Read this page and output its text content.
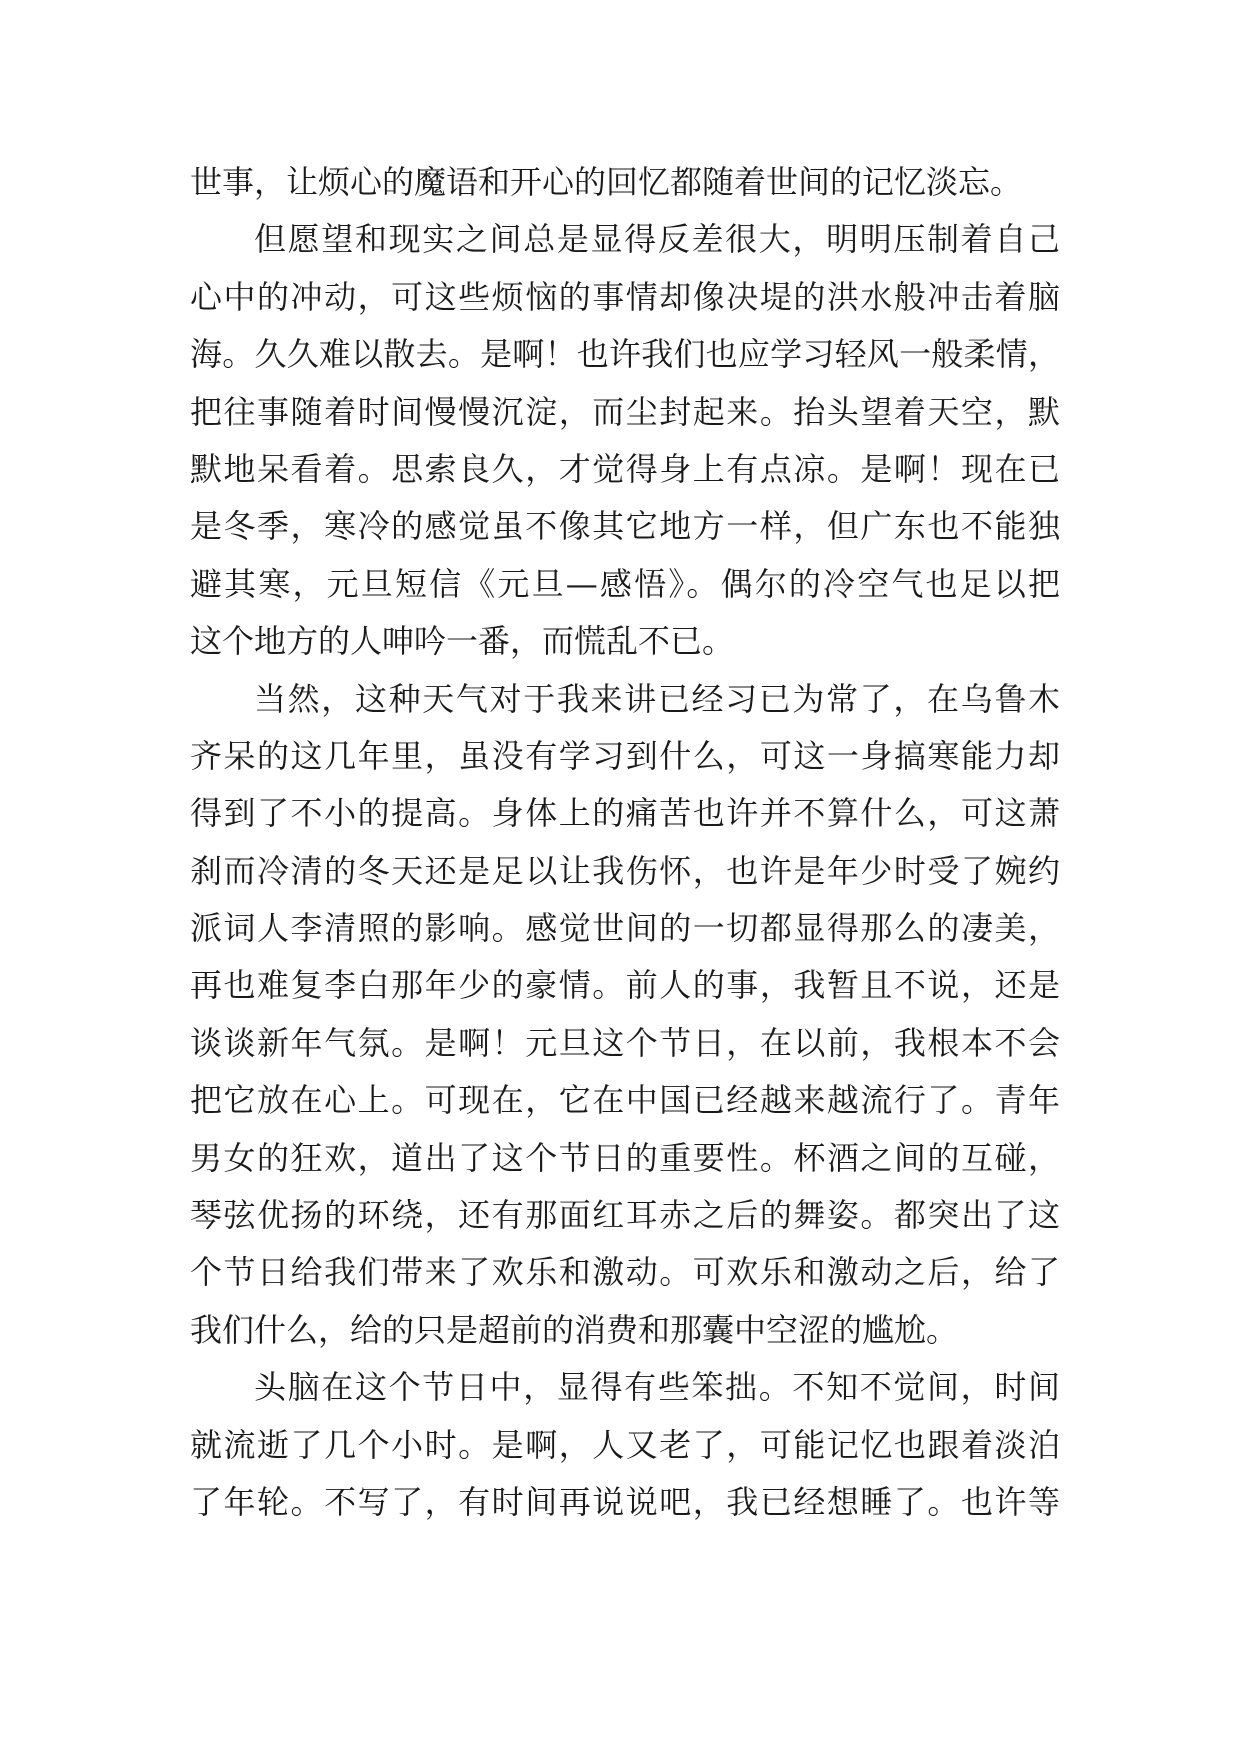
世事，让烦心的魔语和开心的回忆都随着世间的记忆淡忘。
但愿望和现实之间总是显得反差很大，明明压制着自己
心中的冲动，可这些烦恼的事情却像决堤的洪水般冲击着脑
海。久久难以散去。是啊！也许我们也应学习轻风一般柔情，
把往事随着时间慢慢沉淀，而尘封起来。抬头望着天空，默
默地呆看着。思索良久，才觉得身上有点凉。是啊！现在已
是冬季，寒冷的感觉虽不像其它地方一样，但广东也不能独
避其寒，元旦短信《元旦—感悟》。偶尔的冷空气也足以把
这个地方的人呻吟一番，而慌乱不已。
当然，这种天气对于我来讲已经习已为常了，在乌鲁木
齐呆的这几年里，虽没有学习到什么，可这一身搞寒能力却
得到了不小的提高。身体上的痛苦也许并不算什么，可这萧
刹而冷清的冬天还是足以让我伤怀，也许是年少时受了婉约
派词人李清照的影响。感觉世间的一切都显得那么的凄美，
再也难复李白那年少的豪情。前人的事，我暂且不说，还是
谈谈新年气氛。是啊！元旦这个节日，在以前，我根本不会
把它放在心上。可现在，它在中国已经越来越流行了。青年
男女的狂欢，道出了这个节日的重要性。杯酒之间的互碰，
琴弦优扬的环绕，还有那面红耳赤之后的舞姿。都突出了这
个节日给我们带来了欢乐和激动。可欢乐和激动之后，给了
我们什么，给的只是超前的消费和那囊中空涩的尴尬。
头脑在这个节日中，显得有些笨拙。不知不觉间，时间
就流逝了几个小时。是啊，人又老了，可能记忆也跟着淡泊
了年轮。不写了，有时间再说说吧，我已经想睡了。也许等
